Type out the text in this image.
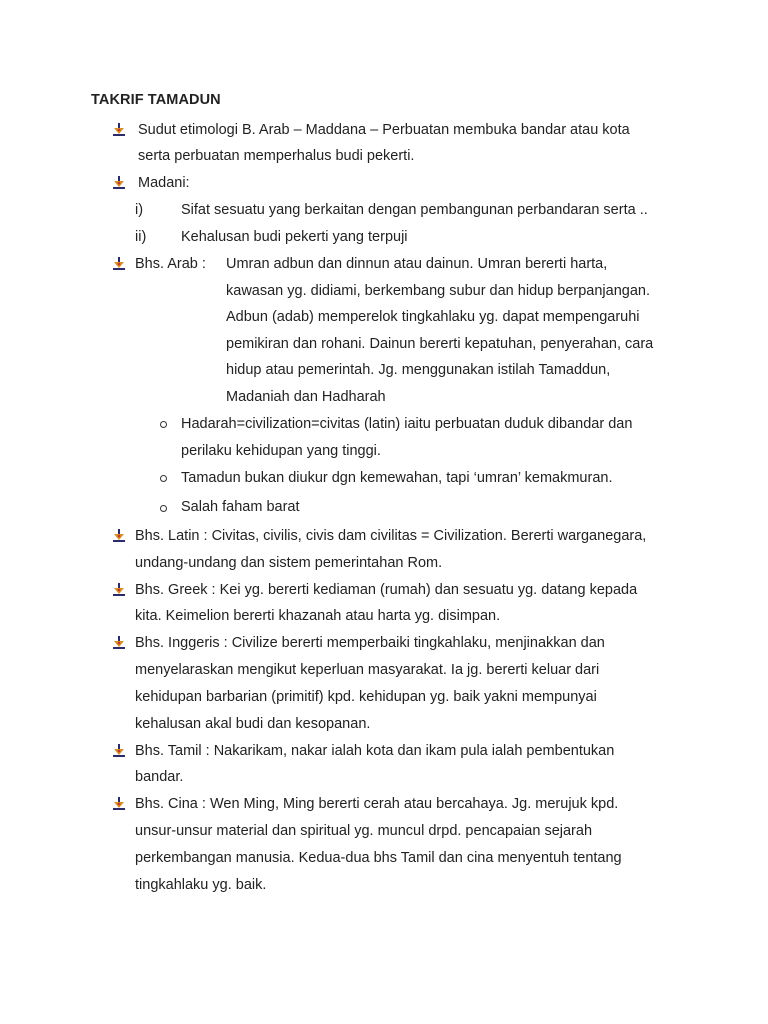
TAKRIF TAMADUN
Sudut etimologi B. Arab – Maddana – Perbuatan membuka bandar atau kota
serta perbuatan memperhalus budi pekerti.
Madani:
i)	Sifat sesuatu yang berkaitan dengan pembangunan perbandaran serta ..
ii) Kehalusan budi pekerti yang terpuji
Bhs. Arab : Umran adbun dan dinnun atau dainun. Umran bererti harta,
kawasan yg. didiami, berkembang subur dan hidup berpanjangan.
Adbun (adab) memperelok tingkahlaku yg. dapat mempengaruhi
pemikiran dan rohani. Dainun bererti kepatuhan, penyerahan, cara
hidup atau pemerintah. Jg. menggunakan istilah Tamaddun,
Madaniah dan Hadharah
Hadarah=civilization=civitas (latin) iaitu perbuatan duduk dibandar dan
perilaku kehidupan yang tinggi.
Tamadun bukan diukur dgn kemewahan, tapi ‘umran’ kemakmuran.
Salah faham barat
Bhs. Latin : Civitas, civilis, civis dam civilitas = Civilization. Bererti warganegara,
undang-undang dan sistem pemerintahan Rom.
Bhs. Greek : Kei yg. bererti kediaman (rumah) dan sesuatu yg. datang kepada
kita. Keimelion bererti khazanah atau harta yg. disimpan.
Bhs. Inggeris : Civilize bererti memperbaiki tingkahlaku, menjinakkan dan
menyelaraskan mengikut keperluan masyarakat. Ia jg. bererti keluar dari
kehidupan barbarian (primitif) kpd. kehidupan yg. baik yakni mempunyai
kehalusan akal budi dan kesopanan.
Bhs. Tamil : Nakarikam, nakar ialah kota dan ikam pula ialah pembentukan
bandar.
Bhs. Cina : Wen Ming, Ming bererti cerah atau bercahaya. Jg. merujuk kpd.
unsur-unsur material dan spiritual yg. muncul drpd. pencapaian sejarah
perkembangan manusia. Kedua-dua bhs Tamil dan cina menyentuh tentang
tingkahlaku yg. baik.
